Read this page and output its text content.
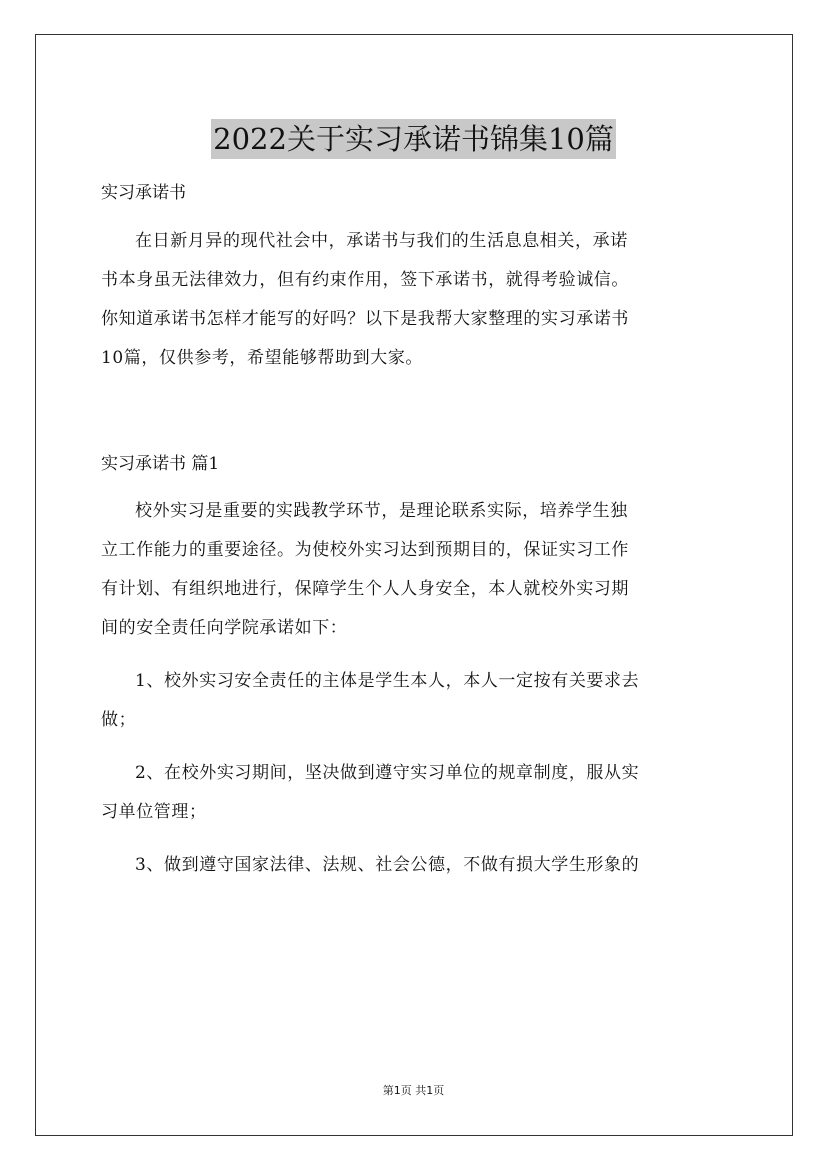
2022关于实习承诺书锦集10篇

实习承诺书

在日新月异的现代社会中，承诺书与我们的生活息息相关，承诺
书本身虽无法律效力，但有约束作用，签下承诺书，就得考验诚信。
你知道承诺书怎样才能写的好吗？以下是我帮大家整理的实习承诺书
10篇，仅供参考，希望能够帮助到大家。

实习承诺书 篇1

校外实习是重要的实践教学环节，是理论联系实际，培养学生独
立工作能力的重要途径。为使校外实习达到预期目的，保证实习工作
有计划、有组织地进行，保障学生个人人身安全，本人就校外实习期
间的安全责任向学院承诺如下：

1、校外实习安全责任的主体是学生本人，本人一定按有关要求去
做；

2、在校外实习期间，坚决做到遵守实习单位的规章制度，服从实
习单位管理；

3、做到遵守国家法律、法规、社会公德，不做有损大学生形象的

第1页 共1页
